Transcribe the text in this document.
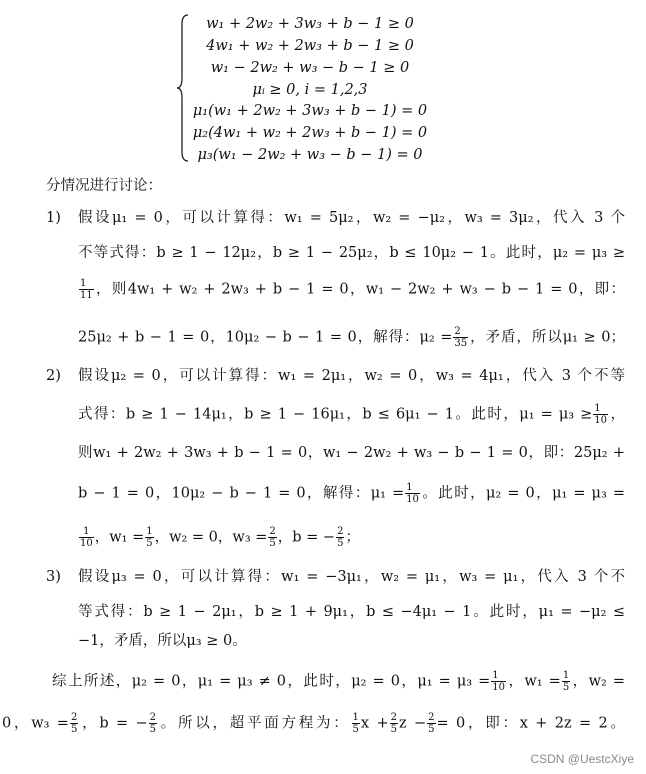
w₁ + 2w₂ + 3w₃ + b − 1 ≥ 0
4w₁ + w₂ + 2w₃ + b − 1 ≥ 0
w₁ − 2w₂ + w₃ − b − 1 ≥ 0
μᵢ ≥ 0, i = 1,2,3
μ₁(w₁ + 2w₂ + 3w₃ + b − 1) = 0
μ₂(4w₁ + w₂ + 2w₃ + b − 1) = 0
μ₃(w₁ − 2w₂ + w₃ − b − 1) = 0
分情况进行讨论：
1) 假设μ₁ = 0，可以计算得：w₁ = 5μ₂，w₂ = −μ₂，w₃ = 3μ₂，代入 3 个
不等式得：b ≥ 1 − 12μ₂，b ≥ 1 − 25μ₂，b ≤ 10μ₂ − 1。此时，μ₂ = μ₃ ≥
$\frac{1}{11}$ ，则4w₁ + w₂ + 2w₃ + b − 1 = 0，w₁ − 2w₂ + w₃ − b − 1 = 0，即：
25μ₂ + b − 1 = 0，10μ₂ − b − 1 = 0，解得：$\mu_2 = \frac{2}{35}$ ，矛盾，所以μ₁ ≥ 0；
2) 假设μ₂ = 0，可以计算得：w₁ = 2μ₁，w₂ = 0，w₃ = 4μ₁，代入 3 个不等
式得：b ≥ 1 − 14μ₁，b ≥ 1 − 16μ₁，b ≤ 6μ₁ − 1。此时，$\mu_1 = \mu_3 \ge \frac{1}{10}$ ，
则w₁ + 2w₂ + 3w₃ + b − 1 = 0，w₁ − 2w₂ + w₃ − b − 1 = 0，即：25μ₂ +
b − 1 = 0，10μ₂ − b − 1 = 0，解得：$\mu_1 = \frac{1}{10}$ 。此时，μ₂ = 0，μ₁ = μ₃ =
$\frac{1}{10}$ ，$w_1 = \frac{1}{5}$ ，w₂ = 0，$w_3 = \frac{2}{5}$ ，b = − $\frac{2}{5}$ ；
3) 假设μ₃ = 0，可以计算得：w₁ = −3μ₁，w₂ = μ₁，w₃ = μ₁，代入 3 个不
等式得：b ≥ 1 − 2μ₁，b ≥ 1 + 9μ₁，b ≤ −4μ₁ − 1。此时，μ₁ = −μ₂ ≤
−1，矛盾，所以μ₃ ≥ 0。
综上所述，μ₂ = 0，μ₁ = μ₃ ≠ 0，此时，μ₂ = 0，$\mu_1 = \mu_3 = \frac{1}{10}$ ，$w_1 = \frac{1}{5}$ ，w₂ =
0，$w_3 = \frac{2}{5}$ ，b = − $\frac{2}{5}$ 。所以，超平面方程为： $\frac{1}{5}$ $x + \frac{2}{5}$ $z - \frac{2}{5} = 0$，即：x + 2z = 2。
CSDN @UestcXiye
